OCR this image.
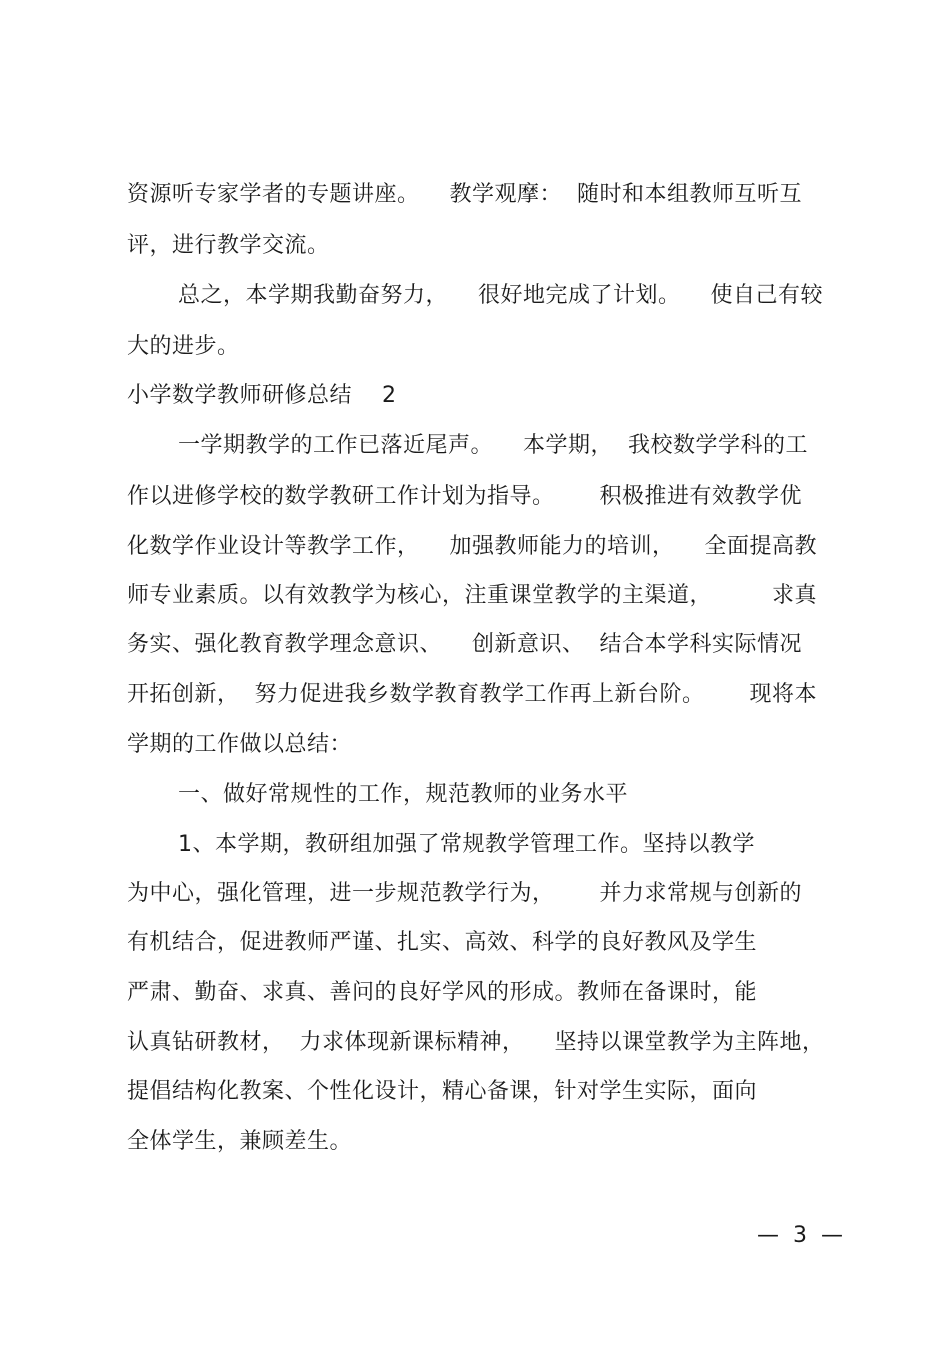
资源听专家学者的专题讲座。    教学观摩：  随时和本组教师互听互
评，进行教学交流。
总之，本学期我勤奋努力，    很好地完成了计划。    使自己有较
大的进步。
小学数学教师研修总结    2
一学期教学的工作已落近尾声。    本学期，  我校数学学科的工
作以进修学校的数学教研工作计划为指导。      积极推进有效教学优
化数学作业设计等教学工作，    加强教师能力的培训，    全面提高教
师专业素质。以有效教学为核心，注重课堂教学的主渠道，        求真
务实、强化教育教学理念意识、    创新意识、  结合本学科实际情况
开拓创新，  努力促进我乡数学教育教学工作再上新台阶。      现将本
学期的工作做以总结：
一、做好常规性的工作，规范教师的业务水平
1、本学期，教研组加强了常规教学管理工作。坚持以教学
为中心，强化管理，进一步规范教学行为，      并力求常规与创新的
有机结合，促进教师严谨、扎实、高效、科学的良好教风及学生
严肃、勤奋、求真、善问的良好学风的形成。教师在备课时，能
认真钻研教材，  力求体现新课标精神，    坚持以课堂教学为主阵地，
提倡结构化教案、个性化设计，精心备课，针对学生实际，面向
全体学生，兼顾差生。
—  3  —
